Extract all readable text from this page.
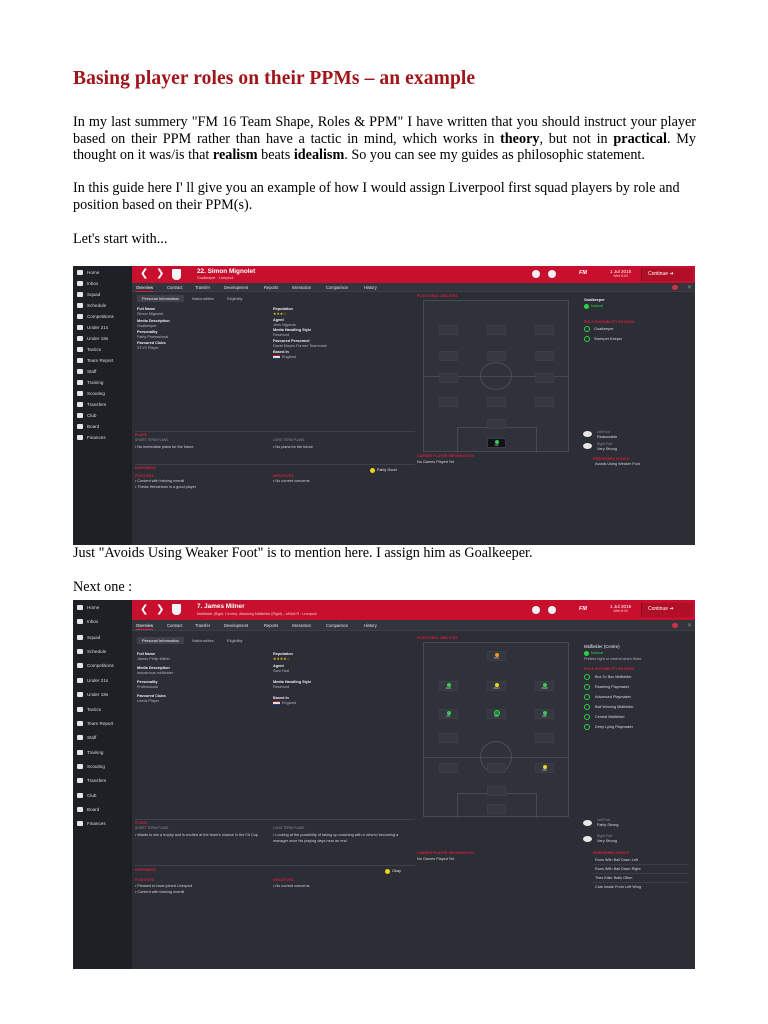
Basing player roles on their PPMs – an example

In my last summery "FM 16 Team Shape, Roles & PPM" I have written that you should instruct your player based on their PPM rather than have a tactic in mind, which works in theory, but not in practical. My thought on it was/is that realism beats idealism. So you can see my guides as philosophic statement.

In this guide here I' ll give you an example of how I would assign Liverpool first squad players by role and position based on their PPM(s).

Let's start with...

Home
Inbox
Squad
Schedule
Competitions
Under 21s
Under 18s
Tactics
Team Report
Staff
Training
Scouting
Transfers
Club
Board
Finances
❮ ❯	22. Simon Mignolet
Goalkeeper · Liverpool
FM	1 Jul 2015
Wed 8:00	Continue ➜
Overview	Contract	Transfer	Development	Reports	Interaction	Comparison	History	✕
Personal Information	Nationalities	Eligibility
Full Name
Simon Mignolet
Media Description
Goalkeeper
Personality
Fairly Professional
Favoured Clubs
STVV Player
Reputation
★★★☆
Agent
Jens Nijyanta
Media Handling Style
Reserved
Favoured Personnel
David Moyes Former Teammate
Based In
England
POSITIONAL ABILITIES
GK
Goalkeeper
Natural
ROLE SUITABILITY RATINGS
Goalkeeper
Sweeper Keeper
PLANS
SHORT TERM PLANS
• No immediate plans for the future
LONG TERM PLANS
• No plans for the future
HAPPINESS	Fairly Good
POSITIVES
• Content with training overall
• Thinks Henderson is a good player
NEGATIVES
• No current concerns
CAREER PLAYER INFORMATION
No Games Played Yet
Left Foot
Reasonable
Right Foot
Very Strong
PREFERRED MOVES
Avoids Using Weaker Foot

Just "Avoids Using Weaker Foot" is to mention here. I assign him as Goalkeeper.

Next one :

Home
Inbox
Squad
Schedule
Competitions
Under 21s
Under 18s
Tactics
Team Report
Staff
Training
Scouting
Transfers
Club
Board
Finances
❮ ❯	7. James Milner
Midfielder (Right, Centre), Attacking Midfielder (Right) – M/AM R · Liverpool
FM	1 Jul 2015
Wed 8:00	Continue ➜
Overview	Contract	Transfer	Development	Reports	Interaction	Comparison	History	✕
Personal Information	Nationalities	Eligibility
Full Name
James Philip Milner
Media Description
Industrious midfielder
Personality
Professional
Favoured Clubs
Leeds Player
Reputation
★★★★☆
Agent
Sam Hart
Media Handling Style
Reserved
Based In
England
POSITIONAL ABILITIES
STC
AML	AMC	AMR
ML	MC	MR
DM
Midfielder (Centre)
Natural
Prefers right or central when three
ROLE SUITABILITY RATINGS
Box To Box Midfielder
Roaming Playmaker
Advanced Playmaker
Ball Winning Midfielder
Central Midfielder
Deep Lying Playmaker
PLANS
SHORT TERM PLANS
• Wants to win a trophy and is excited at the team's chance in the FA Cup
LONG TERM PLANS
• Looking at the possibility of taking up coaching with a view to becoming a manager once his playing days near an end
HAPPINESS	Okay
POSITIVES
• Pleased to have joined Liverpool
• Content with training overall
NEGATIVES
• No current concerns
CAREER PLAYER INFORMATION
No Games Played Yet
Left Foot
Fairly Strong
Right Foot
Very Strong
PREFERRED MOVES
Runs With Ball Down Left
Runs With Ball Down Right
Tries Killer Balls Often
Cuts Inside From Left Wing
